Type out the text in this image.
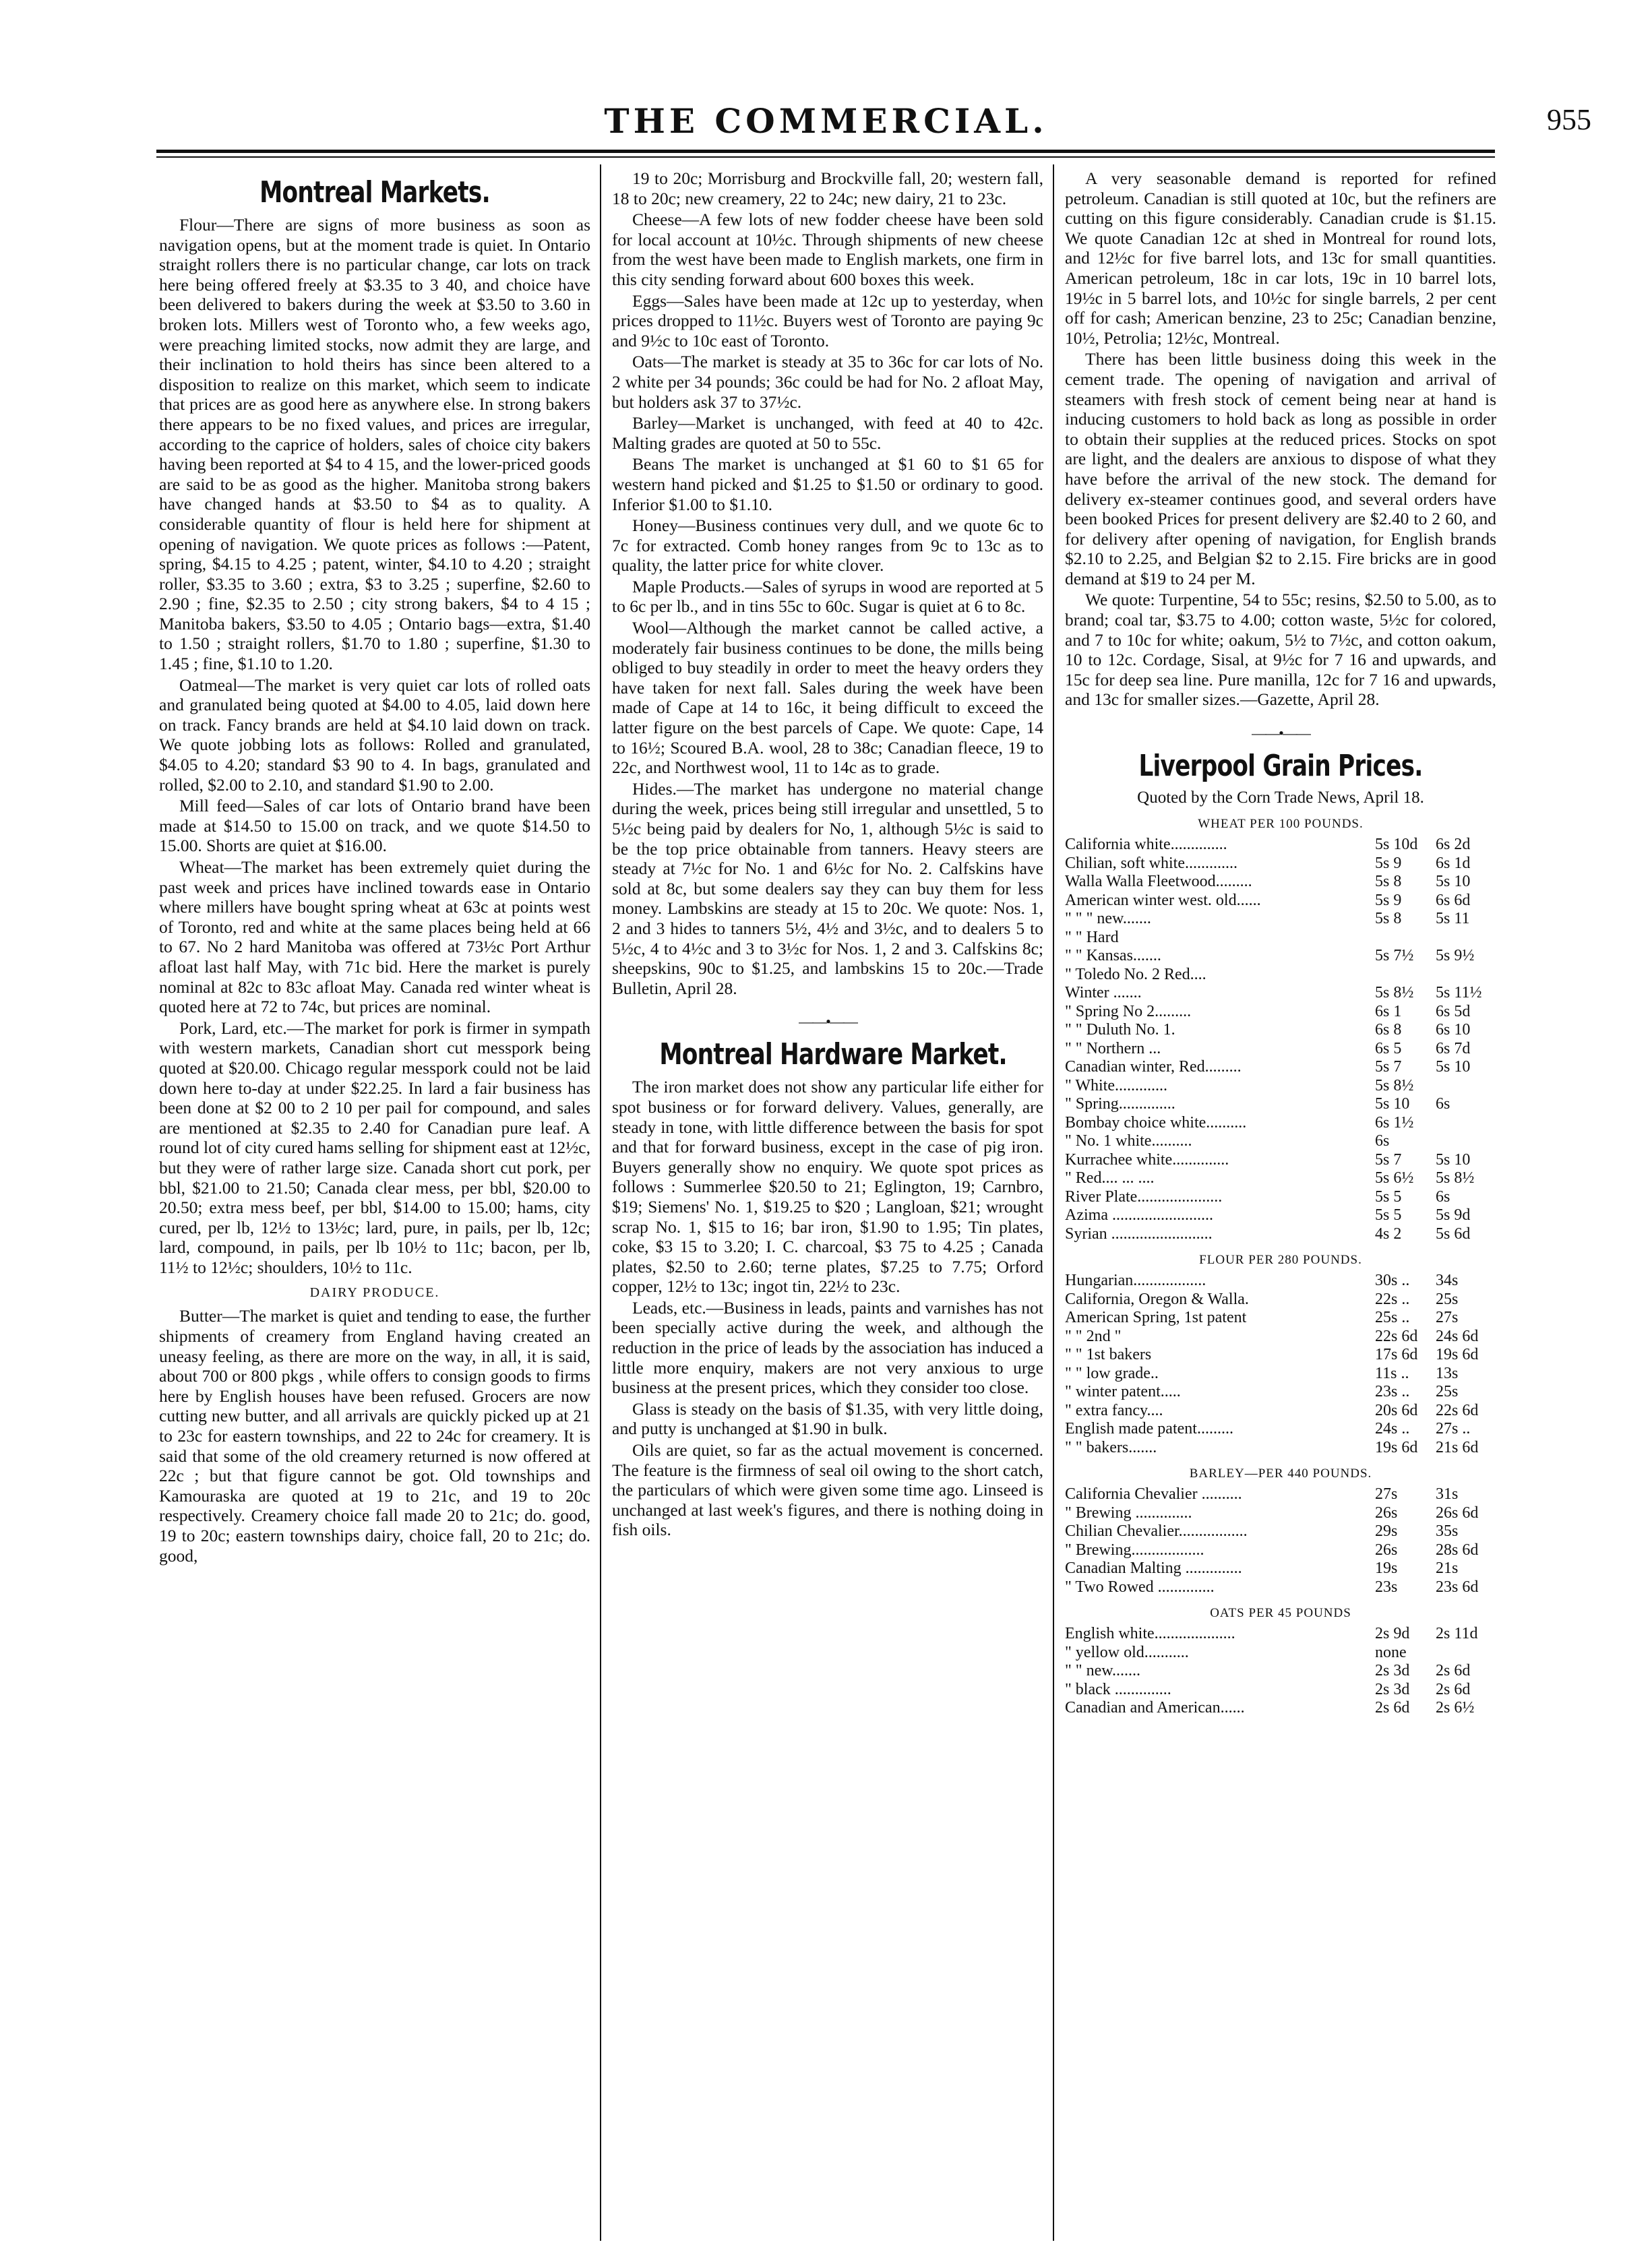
THE COMMERCIAL.	955
Montreal Markets.

Flour—There are signs of more business as soon as navigation opens, but at the moment trade is quiet. In Ontario straight rollers there is no particular change, car lots on track here being offered freely at $3.35 to 3 40, and choice have been delivered to bakers during the week at $3.50 to 3.60 in broken lots. Millers west of Toronto who, a few weeks ago, were preaching limited stocks, now admit they are large, and their inclination to hold theirs has since been altered to a disposition to realize on this market, which seem to indicate that prices are as good here as anywhere else. In strong bakers there appears to be no fixed values, and prices are irregular, according to the caprice of holders, sales of choice city bakers having been reported at $4 to 4 15, and the lower-priced goods are said to be as good as the higher. Manitoba strong bakers have changed hands at $3.50 to $4 as to quality. A considerable quantity of flour is held here for shipment at opening of navigation. We quote prices as follows :—Patent, spring, $4.15 to 4.25 ; patent, winter, $4.10 to 4.20 ; straight roller, $3.35 to 3.60 ; extra, $3 to 3.25 ; superfine, $2.60 to 2.90 ; fine, $2.35 to 2.50 ; city strong bakers, $4 to 4 15 ; Manitoba bakers, $3.50 to 4.05 ; Ontario bags—extra, $1.40 to 1.50 ; straight rollers, $1.70 to 1.80 ; superfine, $1.30 to 1.45 ; fine, $1.10 to 1.20.

Oatmeal—The market is very quiet car lots of rolled oats and granulated being quoted at $4.00 to 4.05, laid down here on track. Fancy brands are held at $4.10 laid down on track. We quote jobbing lots as follows: Rolled and granulated, $4.05 to 4.20; standard $3 90 to 4. In bags, granulated and rolled, $2.00 to 2.10, and standard $1.90 to 2.00.

Mill feed—Sales of car lots of Ontario brand have been made at $14.50 to 15.00 on track, and we quote $14.50 to 15.00. Shorts are quiet at $16.00.

Wheat—The market has been extremely quiet during the past week and prices have inclined towards ease in Ontario where millers have bought spring wheat at 63c at points west of Toronto, red and white at the same places being held at 66 to 67. No 2 hard Manitoba was offered at 73½c Port Arthur afloat last half May, with 71c bid. Here the market is purely nominal at 82c to 83c afloat May. Canada red winter wheat is quoted here at 72 to 74c, but prices are nominal.

Pork, Lard, etc.—The market for pork is firmer in sympath with western markets, Canadian short cut messpork being quoted at $20.00. Chicago regular messpork could not be laid down here to-day at under $22.25. In lard a fair business has been done at $2 00 to 2 10 per pail for compound, and sales are mentioned at $2.35 to 2.40 for Canadian pure leaf. A round lot of city cured hams selling for shipment east at 12½c, but they were of rather large size. Canada short cut pork, per bbl, $21.00 to 21.50; Canada clear mess, per bbl, $20.00 to 20.50; extra mess beef, per bbl, $14.00 to 15.00; hams, city cured, per lb, 12½ to 13½c; lard, pure, in pails, per lb, 12c; lard, compound, in pails, per lb 10½ to 11c; bacon, per lb, 11½ to 12½c; shoulders, 10½ to 11c.

DAIRY PRODUCE.

Butter—The market is quiet and tending to ease, the further shipments of creamery from England having created an uneasy feeling, as there are more on the way, in all, it is said, about 700 or 800 pkgs , while offers to consign goods to firms here by English houses have been refused. Grocers are now cutting new butter, and all arrivals are quickly picked up at 21 to 23c for eastern townships, and 22 to 24c for creamery. It is said that some of the old creamery returned is now offered at 22c ; but that figure cannot be got. Old townships and Kamouraska are quoted at 19 to 21c, and 19 to 20c respectively. Creamery choice fall made 20 to 21c; do. good, 19 to 20c; eastern townships dairy, choice fall, 20 to 21c; do. good,

19 to 20c; Morrisburg and Brockville fall, 20; western fall, 18 to 20c; new creamery, 22 to 24c; new dairy, 21 to 23c.

Cheese—A few lots of new fodder cheese have been sold for local account at 10½c. Through shipments of new cheese from the west have been made to English markets, one firm in this city sending forward about 600 boxes this week.

Eggs—Sales have been made at 12c up to yesterday, when prices dropped to 11½c. Buyers west of Toronto are paying 9c and 9½c to 10c east of Toronto.

Oats—The market is steady at 35 to 36c for car lots of No. 2 white per 34 pounds; 36c could be had for No. 2 afloat May, but holders ask 37 to 37½c.

Barley—Market is unchanged, with feed at 40 to 42c. Malting grades are quoted at 50 to 55c.

Beans The market is unchanged at $1 60 to $1 65 for western hand picked and $1.25 to $1.50 or ordinary to good. Inferior $1.00 to $1.10.

Honey—Business continues very dull, and we quote 6c to 7c for extracted. Comb honey ranges from 9c to 13c as to quality, the latter price for white clover.

Maple Products.—Sales of syrups in wood are reported at 5 to 6c per lb., and in tins 55c to 60c. Sugar is quiet at 6 to 8c.

Wool—Although the market cannot be called active, a moderately fair business continues to be done, the mills being obliged to buy steadily in order to meet the heavy orders they have taken for next fall. Sales during the week have been made of Cape at 14 to 16c, it being difficult to exceed the latter figure on the best parcels of Cape. We quote: Cape, 14 to 16½; Scoured B.A. wool, 28 to 38c; Canadian fleece, 19 to 22c, and Northwest wool, 11 to 14c as to grade.

Hides.—The market has undergone no material change during the week, prices being still irregular and unsettled, 5 to 5½c being paid by dealers for No, 1, although 5½c is said to be the top price obtainable from tanners. Heavy steers are steady at 7½c for No. 1 and 6½c for No. 2. Calfskins have sold at 8c, but some dealers say they can buy them for less money. Lambskins are steady at 15 to 20c. We quote: Nos. 1, 2 and 3 hides to tanners 5½, 4½ and 3½c, and to dealers 5 to 5½c, 4 to 4½c and 3 to 3½c for Nos. 1, 2 and 3. Calfskins 8c; sheepskins, 90c to $1.25, and lambskins 15 to 20c.—Trade Bulletin, April 28.

——•——
Montreal Hardware Market.

The iron market does not show any particular life either for spot business or for forward delivery. Values, generally, are steady in tone, with little difference between the basis for spot and that for forward business, except in the case of pig iron. Buyers generally show no enquiry. We quote spot prices as follows : Summerlee $20.50 to 21; Eglington, 19; Carnbro, $19; Siemens' No. 1, $19.25 to $20 ; Langloan, $21; wrought scrap No. 1, $15 to 16; bar iron, $1.90 to 1.95; Tin plates, coke, $3 15 to 3.20; I. C. charcoal, $3 75 to 4.25 ; Canada plates, $2.50 to 2.60; terne plates, $7.25 to 7.75; Orford copper, 12½ to 13c; ingot tin, 22½ to 23c.

Leads, etc.—Business in leads, paints and varnishes has not been specially active during the week, and although the reduction in the price of leads by the association has induced a little more enquiry, makers are not very anxious to urge business at the present prices, which they consider too close.

Glass is steady on the basis of $1.35, with very little doing, and putty is unchanged at $1.90 in bulk.

Oils are quiet, so far as the actual movement is concerned. The feature is the firmness of seal oil owing to the short catch, the particulars of which were given some time ago. Linseed is unchanged at last week's figures, and there is nothing doing in fish oils.

A very seasonable demand is reported for refined petroleum. Canadian is still quoted at 10c, but the refiners are cutting on this figure considerably. Canadian crude is $1.15. We quote Canadian 12c at shed in Montreal for round lots, and 12½c for five barrel lots, and 13c for small quantities. American petroleum, 18c in car lots, 19c in 10 barrel lots, 19½c in 5 barrel lots, and 10½c for single barrels, 2 per cent off for cash; American benzine, 23 to 25c; Canadian benzine, 10½, Petrolia; 12½c, Montreal.

There has been little business doing this week in the cement trade. The opening of navigation and arrival of steamers with fresh stock of cement being near at hand is inducing customers to hold back as long as possible in order to obtain their supplies at the reduced prices. Stocks on spot are light, and the dealers are anxious to dispose of what they have before the arrival of the new stock. The demand for delivery ex-steamer continues good, and several orders have been booked Prices for present delivery are $2.40 to 2 60, and for delivery after opening of navigation, for English brands $2.10 to 2.25, and Belgian $2 to 2.15. Fire bricks are in good demand at $19 to 24 per M.

We quote: Turpentine, 54 to 55c; resins, $2.50 to 5.00, as to brand; coal tar, $3.75 to 4.00; cotton waste, 5½c for colored, and 7 to 10c for white; oakum, 5½ to 7½c, and cotton oakum, 10 to 12c. Cordage, Sisal, at 9½c for 7 16 and upwards, and 15c for deep sea line. Pure manilla, 12c for 7 16 and upwards, and 13c for smaller sizes.—Gazette, April 28.

——•——
Liverpool Grain Prices.
Quoted by the Corn Trade News, April 18.
WHEAT PER 100 POUNDS.
California white..............	5s 10d	6s 2d
Chilian, soft white.............	5s 9	6s 1d
Walla Walla Fleetwood.........	5s 8	5s 10
American winter west. old......	5s 9	6s 6d
" " " new.......	5s 8	5s 11
" " Hard		
" " Kansas.......	5s 7½	5s 9½
" Toledo No. 2 Red....		
Winter .......	5s 8½	5s 11½
" Spring No 2.........	6s 1	6s 5d
" " Duluth No. 1.	6s 8	6s 10
" " Northern ...	6s 5	6s 7d
Canadian winter, Red.........	5s 7	5s 10
" White.............	5s 8½	
" Spring..............	5s 10	6s
Bombay choice white..........	6s 1½	
" No. 1 white..........	6s	
Kurrachee white..............	5s 7	5s 10
" Red.... ... ....	5s 6½	5s 8½
River Plate.....................	5s 5	6s
Azima .........................	5s 5	5s 9d
Syrian .........................	4s 2	5s 6d
FLOUR PER 280 POUNDS.
Hungarian..................	30s ..	34s
California, Oregon & Walla.	22s ..	25s
American Spring, 1st patent	25s ..	27s
" " 2nd "	22s 6d	24s 6d
" " 1st bakers	17s 6d	19s 6d
" " low grade..	11s ..	13s
" winter patent.....	23s ..	25s
" extra fancy....	20s 6d	22s 6d
English made patent.........	24s ..	27s ..
" " bakers.......	19s 6d	21s 6d
BARLEY—PER 440 POUNDS.
California Chevalier ..........	27s	31s
" Brewing ..............	26s	26s 6d
Chilian Chevalier.................	29s	35s
" Brewing..................	26s	28s 6d
Canadian Malting ..............	19s	21s
" Two Rowed ..............	23s	23s 6d
OATS PER 45 POUNDS
English white....................	2s 9d	2s 11d
" yellow old...........	none	
" " new.......	2s 3d	2s 6d
" black ..............	2s 3d	2s 6d
Canadian and American......	2s 6d	2s 6½
